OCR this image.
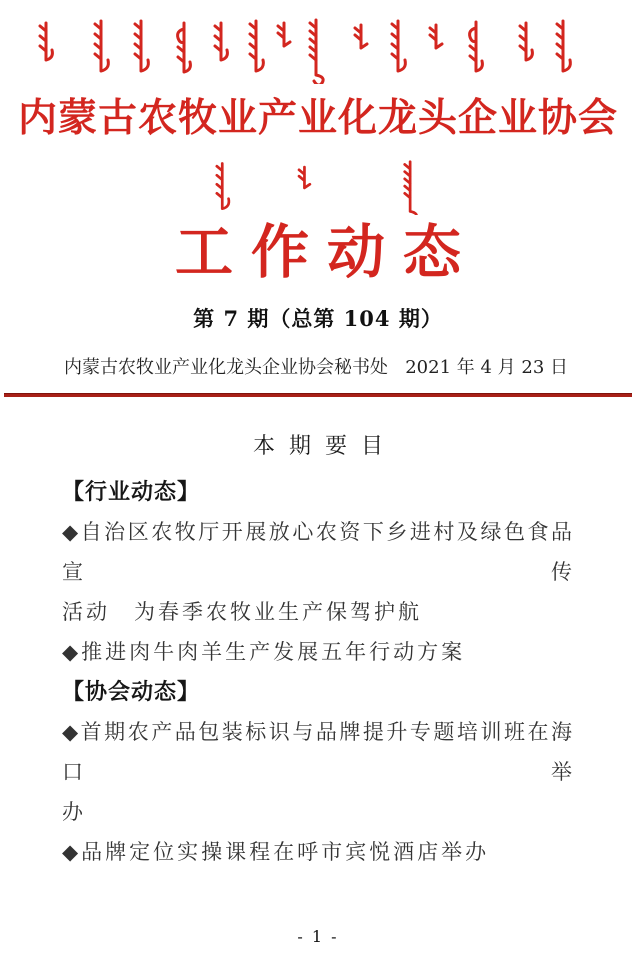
内蒙古农牧业产业化龙头企业协会
工作动态
第 7 期（总第 104 期）
内蒙古农牧业产业化龙头企业协会秘书处 2021 年 4 月 23 日
本期要目
【行业动态】
◆自治区农牧厅开展放心农资下乡进村及绿色食品宣传
活动　为春季农牧业生产保驾护航
◆推进肉牛肉羊生产发展五年行动方案
【协会动态】
◆首期农产品包装标识与品牌提升专题培训班在海口举
办
◆品牌定位实操课程在呼市宾悦酒店举办
- 1 -
